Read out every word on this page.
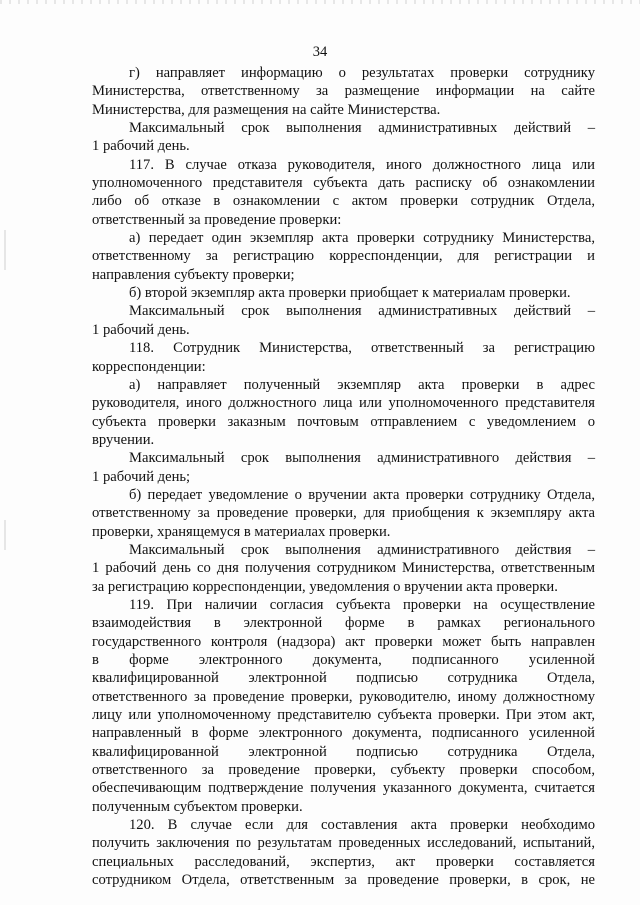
34
г) направляет информацию о результатах проверки сотруднику
Министерства, ответственному за размещение информации на сайте
Министерства, для размещения на сайте Министерства.
Максимальный срок выполнения административных действий –
1 рабочий день.
117. В случае отказа руководителя, иного должностного лица или
уполномоченного представителя субъекта дать расписку об ознакомлении
либо об отказе в ознакомлении с актом проверки сотрудник Отдела,
ответственный за проведение проверки:
а) передает один экземпляр акта проверки сотруднику Министерства,
ответственному за регистрацию корреспонденции, для регистрации и
направления субъекту проверки;
б) второй экземпляр акта проверки приобщает к материалам проверки.
Максимальный срок выполнения административных действий –
1 рабочий день.
118. Сотрудник Министерства, ответственный за регистрацию
корреспонденции:
а) направляет полученный экземпляр акта проверки в адрес
руководителя, иного должностного лица или уполномоченного представителя
субъекта проверки заказным почтовым отправлением с уведомлением о
вручении.
Максимальный срок выполнения административного действия –
1 рабочий день;
б) передает уведомление о вручении акта проверки сотруднику Отдела,
ответственному за проведение проверки, для приобщения к экземпляру акта
проверки, хранящемуся в материалах проверки.
Максимальный срок выполнения административного действия –
1 рабочий день со дня получения сотрудником Министерства, ответственным
за регистрацию корреспонденции, уведомления о вручении акта проверки.
119. При наличии согласия субъекта проверки на осуществление
взаимодействия в электронной форме в рамках регионального
государственного контроля (надзора) акт проверки может быть направлен
в форме электронного документа, подписанного усиленной
квалифицированной электронной подписью сотрудника Отдела,
ответственного за проведение проверки, руководителю, иному должностному
лицу или уполномоченному представителю субъекта проверки. При этом акт,
направленный в форме электронного документа, подписанного усиленной
квалифицированной электронной подписью сотрудника Отдела,
ответственного за проведение проверки, субъекту проверки способом,
обеспечивающим подтверждение получения указанного документа, считается
полученным субъектом проверки.
120. В случае если для составления акта проверки необходимо
получить заключения по результатам проведенных исследований, испытаний,
специальных расследований, экспертиз, акт проверки составляется
сотрудником Отдела, ответственным за проведение проверки, в срок, не
